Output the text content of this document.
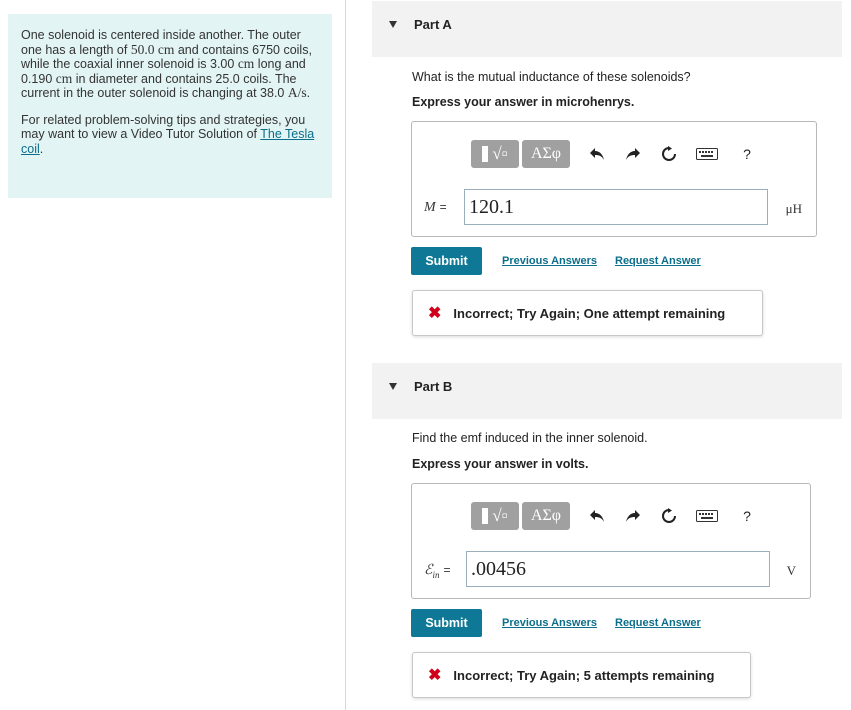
One solenoid is centered inside another. The outer one has a length of 50.0 cm and contains 6750 coils, while the coaxial inner solenoid is 3.00 cm long and 0.190 cm in diameter and contains 25.0 coils. The current in the outer solenoid is changing at 38.0 A/s.

For related problem-solving tips and strategies, you may want to view a Video Tutor Solution of The Tesla coil.

Part A
What is the mutual inductance of these solenoids?
Express your answer in microhenrys.
√▫	ΑΣφ	?
M = 120.1	μH
Submit	Previous Answers Request Answer
✖ Incorrect; Try Again; One attempt remaining
Part B
Find the emf induced in the inner solenoid.
Express your answer in volts.
√▫	ΑΣφ	?
ℰ$_{in}$ = .00456	V
Submit	Previous Answers Request Answer
✖ Incorrect; Try Again; 5 attempts remaining
